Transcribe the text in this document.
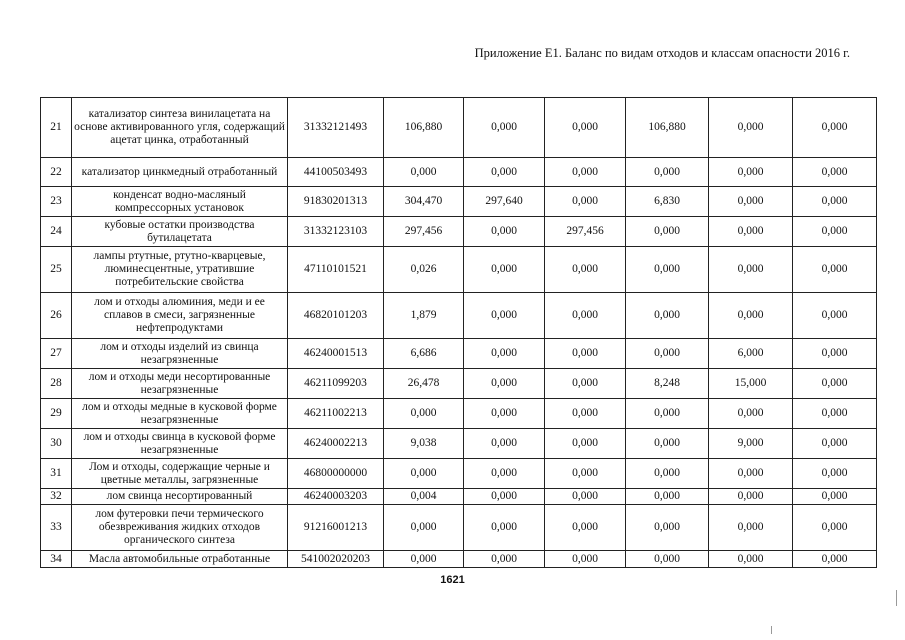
Приложение Е1. Баланс по видам отходов и классам опасности 2016 г.
21	катализатор синтеза винилацетата на основе активированного угля, содержащий ацетат цинка, отработанный	31332121493	106,880	0,000	0,000	106,880	0,000	0,000
22	катализатор цинкмедный отработанный	44100503493	0,000	0,000	0,000	0,000	0,000	0,000
23	конденсат водно-масляный компрессорных установок	91830201313	304,470	297,640	0,000	6,830	0,000	0,000
24	кубовые остатки производства бутилацетата	31332123103	297,456	0,000	297,456	0,000	0,000	0,000
25	лампы ртутные, ртутно-кварцевые, люминесцентные, утратившие потребительские свойства	47110101521	0,026	0,000	0,000	0,000	0,000	0,000
26	лом и отходы алюминия, меди и ее сплавов в смеси, загрязненные нефтепродуктами	46820101203	1,879	0,000	0,000	0,000	0,000	0,000
27	лом и отходы изделий из свинца незагрязненные	46240001513	6,686	0,000	0,000	0,000	6,000	0,000
28	лом и отходы меди несортированные незагрязненные	46211099203	26,478	0,000	0,000	8,248	15,000	0,000
29	лом и отходы медные в кусковой форме незагрязненные	46211002213	0,000	0,000	0,000	0,000	0,000	0,000
30	лом и отходы свинца в кусковой форме незагрязненные	46240002213	9,038	0,000	0,000	0,000	9,000	0,000
31	Лом и отходы, содержащие черные и цветные металлы, загрязненные	46800000000	0,000	0,000	0,000	0,000	0,000	0,000
32	лом свинца несортированный	46240003203	0,004	0,000	0,000	0,000	0,000	0,000
33	лом футеровки печи термического обезвреживания жидких отходов органического синтеза	91216001213	0,000	0,000	0,000	0,000	0,000	0,000
34	Масла автомобильные отработанные	541002020203	0,000	0,000	0,000	0,000	0,000	0,000
1621
